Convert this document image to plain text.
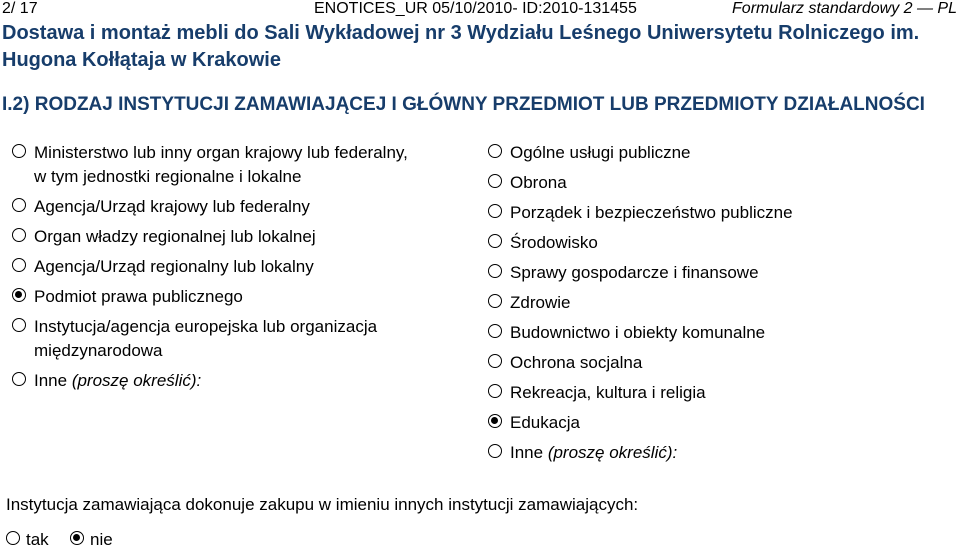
2/ 17	ENOTICES_UR 05/10/2010- ID:2010-131455	Formularz standardowy 2 — PL
Dostawa i montaż mebli do Sali Wykładowej nr 3 Wydziału Leśnego Uniwersytetu Rolniczego im. Hugona Kołłątaja w Krakowie
I.2) RODZAJ INSTYTUCJI ZAMAWIAJĄCEJ I GŁÓWNY PRZEDMIOT LUB PRZEDMIOTY DZIAŁALNOŚCI
Ministerstwo lub inny organ krajowy lub federalny,
w tym jednostki regionalne i lokalne
Agencja/Urząd krajowy lub federalny
Organ władzy regionalnej lub lokalnej
Agencja/Urząd regionalny lub lokalny
Podmiot prawa publicznego
Instytucja/agencja europejska lub organizacja
międzynarodowa
Inne (proszę określić):
Ogólne usługi publiczne
Obrona
Porządek i bezpieczeństwo publiczne
Środowisko
Sprawy gospodarcze i finansowe
Zdrowie
Budownictwo i obiekty komunalne
Ochrona socjalna
Rekreacja, kultura i religia
Edukacja
Inne (proszę określić):
Instytucja zamawiająca dokonuje zakupu w imieniu innych instytucji zamawiających:
tak nie
